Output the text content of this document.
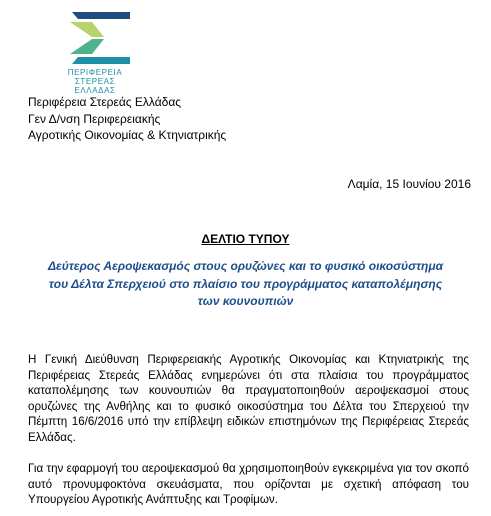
ΠΕΡΙΦΕΡΕΙΑ
ΣΤΕΡΕΑΣ
ΕΛΛΑΔΑΣ
Περιφέρεια Στερεάς Ελλάδας
Γεν Δ/νση Περιφερειακής
Αγροτικής Οικονομίας & Κτηνιατρικής
Λαμία, 15 Ιουνίου 2016
ΔΕΛΤΙΟ ΤΥΠΟΥ
Δεύτερος Αεροψεκασμός στους ορυζώνες και το φυσικό οικοσύστημα του Δέλτα Σπερχειού στο πλαίσιο του προγράμματος καταπολέμησης των κουνουπιών
Η Γενική Διεύθυνση Περιφερειακής Αγροτικής Οικονομίας και Κτηνιατρικής της Περιφέρειας Στερεάς Ελλάδας ενημερώνει ότι στα πλαίσια του προγράμματος καταπολέμησης των κουνουπιών θα πραγματοποιηθούν αεροψεκασμοί στους ορυζώνες της Ανθήλης και το φυσικό οικοσύστημα του Δέλτα του Σπερχειού την Πέμπτη 16/6/2016 υπό την επίβλεψη ειδικών επιστημόνων της Περιφέρειας Στερεάς Ελλάδας.
Για την εφαρμογή του αεροψεκασμού θα χρησιμοποιηθούν εγκεκριμένα για τον σκοπό αυτό προνυμφοκτόνα σκευάσματα, που ορίζονται με σχετική απόφαση του Υπουργείου Αγροτικής Ανάπτυξης και Τροφίμων.
